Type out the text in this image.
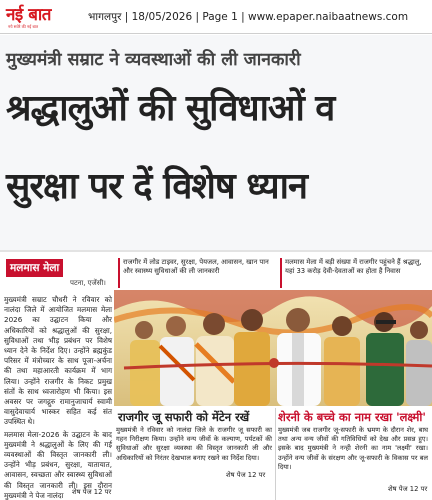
नई बात
नये सवेरे की नई बात
भागलपुर | 18/05/2026 | Page 1 | www.epaper.naibaatnews.com
मुख्यमंत्री सम्राट ने व्यवस्थाओं की ली जानकारी
श्रद्धालुओं की सुविधाओं व
सुरक्षा पर दें विशेष ध्यान
मलमास मेला
पटना, एजेंसी।

मुख्यमंत्री सम्राट चौधरी ने रविवार को नालंदा जिले में आयोजित मलमास मेला 2026 का उद्घाटन किया और अधिकारियों को श्रद्धालुओं की सुरक्षा, सुविधाओं तथा भीड़ प्रबंधन पर विशेष ध्यान देने के निर्देश दिए। उन्होंने ब्रह्मकुंड परिसर में मंत्रोच्चार के साथ पूजा-अर्चना की तथा महाआरती कार्यक्रम में भाग लिया। उन्होंने राजगीर के निकट प्रमुख संतों के साथ ध्वजारोहण भी किया। इस अवसर पर जगद्गुरु रामानुजाचार्य स्वामी वासुदेवाचार्य भास्कर सहित कई संत उपस्थित थे।

मलमास मेला-2026 के उद्घाटन के बाद मुख्यमंत्री ने श्रद्धालुओं के लिए की गई व्यवस्थाओं की विस्तृत जानकारी ली। उन्होंने भीड़ प्रबंधन, सुरक्षा, यातायात, आवासन, स्वच्छता और स्वास्थ्य सुविधाओं की विस्तृत जानकारी ली। इस दौरान मुख्यमंत्री ने पेज नालंदा	शेष पेज 12 पर
राजगीर में लोड टाइवर, सुरक्षा, पेयजल, आवासन, खान पान और स्वास्थ्य सुविधाओं की ली जानकारी
मलमास मेला में बड़ी संख्या में राजगीर पहुंचने हैं श्रद्धालु, यहां 33 करोड़ देवी-देवताओं का होता है निवास
राजगीर जू सफारी को मेंटेन रखें
मुख्यमंत्री ने रविवार को नालंदा जिले के राजगीर जू सफारी का गहन निरीक्षण किया। उन्होंने वन्य जीवों के कल्याण, पर्यटकों की सुविधाओं और सुरक्षा व्यवस्था की विस्तृत जानकारी ली और अधिकारियों को निरंतर देखभाल बनाए रखने का निर्देश दिया।
शेष पेज 12 पर
शेरनी के बच्चे का नाम रखा 'लक्ष्मी'
मुख्यमंत्री जब राजगीर जू-सफारी के भ्रमण के दौरान शेर, बाघ तथा अन्य वन्य जीवों की गतिविधियों को देख और प्रसन्न हुए। इसके बाद मुख्यमंत्री ने नन्ही शेरनी का नाम 'लक्ष्मी' रखा। उन्होंने वन्य जीवों के संरक्षण और जू-सफारी के विकास पर बल दिया।
शेष पेज 12 पर
